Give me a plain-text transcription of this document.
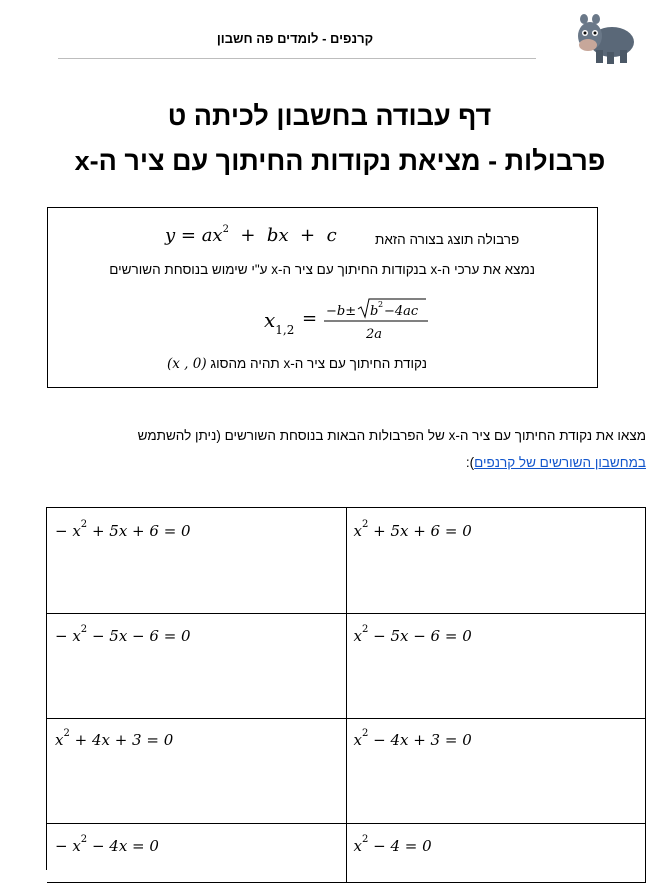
קרנפים - לומדים פה חשבון
דף עבודה בחשבון לכיתה ט
פרבולות - מציאת נקודות החיתוך עם ציר ה-x
$y = ax^2$  +  bx  +  c	פרבולה תוצג בצורה הזאת
נמצא את ערכי ה-x בנקודות החיתוך עם ציר ה-x ע"י שימוש בנוסחת השורשים
$x_{1,2}$
= −b± b 2 −4ac
2a
נקודת החיתוך עם ציר ה-x תהיה מהסוג (x , 0)
מצאו את נקודת החיתוך עם ציר ה-x של הפרבולות הבאות בנוסחת השורשים (ניתן להשתמש
במחשבון השורשים של קרנפים):
− $x^2 + 5x + 6 = 0$	$x^2 + 5x + 6 = 0$
− $x^2 - 5x - 6 = 0$	$x^2 - 5x - 6 = 0$
$x^2 + 4x + 3 = 0$	$x^2 - 4x + 3 = 0$
− $x^2 - 4x = 0$	$x^2 - 4 = 0$
